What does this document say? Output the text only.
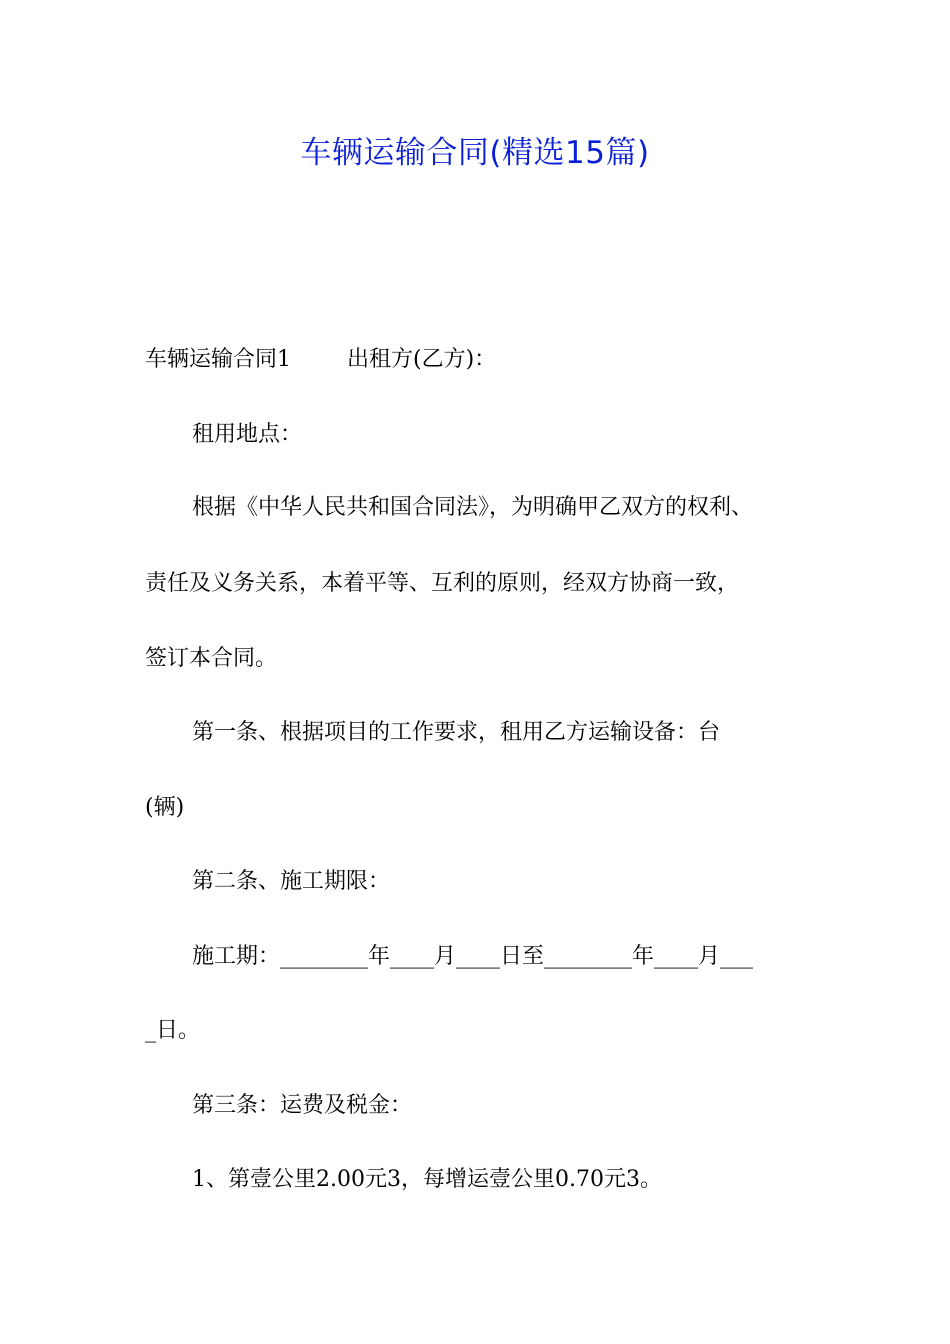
车辆运输合同(精选15篇)
车辆运输合同1	出租方(乙方)：
租用地点：
根据《中华人民共和国合同法》，为明确甲乙双方的权利、
责任及义务关系，本着平等、互利的原则，经双方协商一致，
签订本合同。
第一条、根据项目的工作要求，租用乙方运输设备：台
(辆)
第二条、施工期限：
施工期：________年____月____日至________年____月___
_日。
第三条：运费及税金：
1、第壹公里2.00元3，每增运壹公里0.70元3。
